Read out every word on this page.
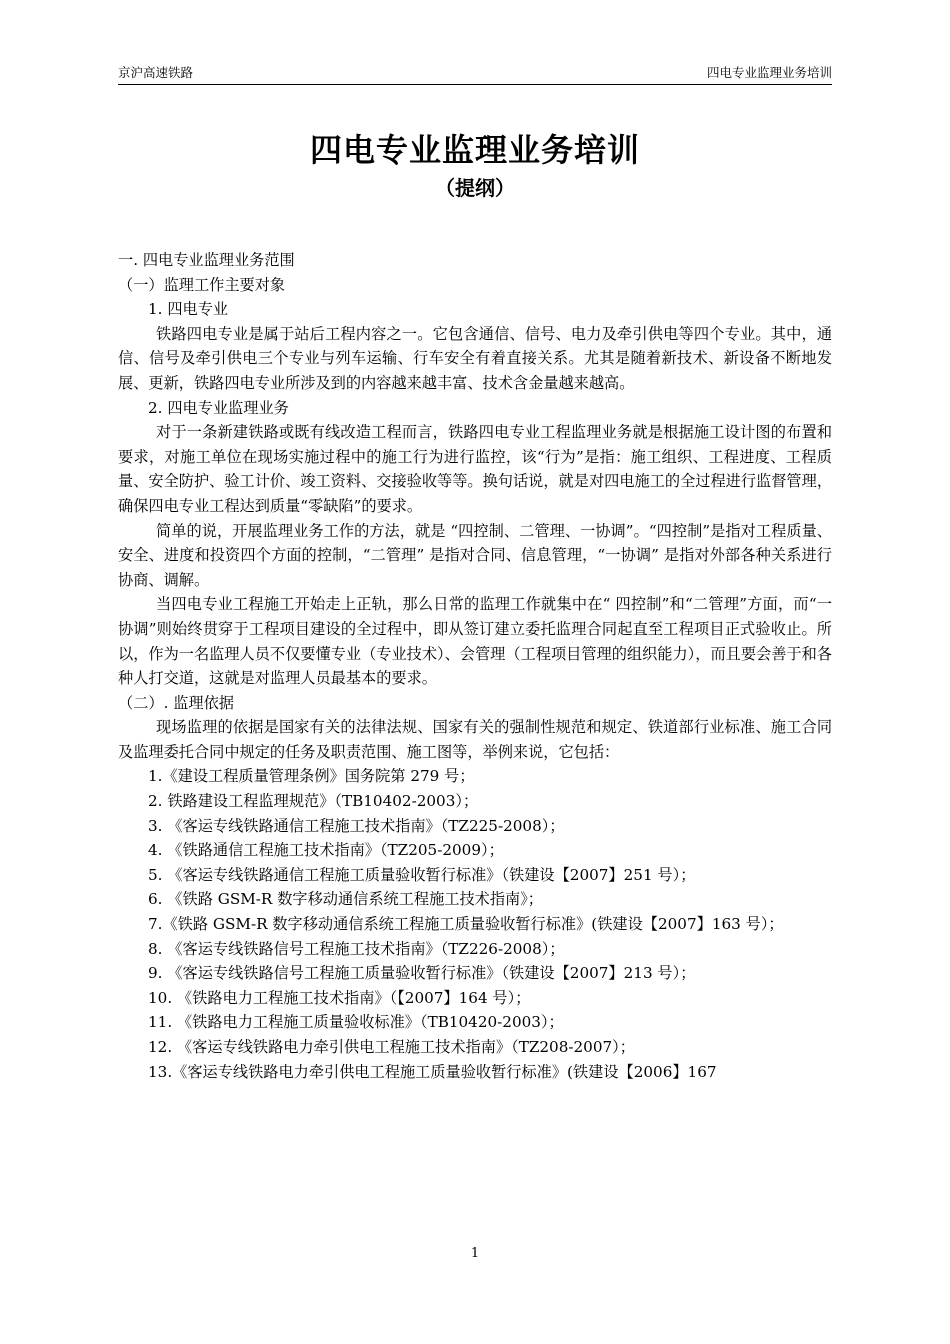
京沪高速铁路	四电专业监理业务培训
四电专业监理业务培训
（提纲）

一. 四电专业监理业务范围

（一）监理工作主要对象

1. 四电专业

铁路四电专业是属于站后工程内容之一。它包含通信、信号、电力及牵引供电等四个专业。其中，通信、信号及牵引供电三个专业与列车运输、行车安全有着直接关系。尤其是随着新技术、新设备不断地发展、更新，铁路四电专业所涉及到的内容越来越丰富、技术含金量越来越高。

2. 四电专业监理业务

对于一条新建铁路或既有线改造工程而言，铁路四电专业工程监理业务就是根据施工设计图的布置和要求，对施工单位在现场实施过程中的施工行为进行监控，该“行为”是指：施工组织、工程进度、工程质量、安全防护、验工计价、竣工资料、交接验收等等。换句话说，就是对四电施工的全过程进行监督管理，确保四电专业工程达到质量“零缺陷”的要求。

简单的说，开展监理业务工作的方法，就是 “四控制、二管理、一协调”。“四控制”是指对工程质量、安全、进度和投资四个方面的控制，“二管理” 是指对合同、信息管理，“一协调” 是指对外部各种关系进行协商、调解。

当四电专业工程施工开始走上正轨，那么日常的监理工作就集中在“ 四控制”和“二管理”方面，而“一协调”则始终贯穿于工程项目建设的全过程中，即从签订建立委托监理合同起直至工程项目正式验收止。所以，作为一名监理人员不仅要懂专业（专业技术）、会管理（工程项目管理的组织能力），而且要会善于和各种人打交道，这就是对监理人员最基本的要求。

（二）. 监理依据

现场监理的依据是国家有关的法律法规、国家有关的强制性规范和规定、铁道部行业标准、施工合同及监理委托合同中规定的任务及职责范围、施工图等，举例来说，它包括：

1.《建设工程质量管理条例》国务院第 279 号；

2. 铁路建设工程监理规范》（TB10402-2003）；

3. 《客运专线铁路通信工程施工技术指南》（TZ225-2008）；

4. 《铁路通信工程施工技术指南》（TZ205-2009）；

5. 《客运专线铁路通信工程施工质量验收暂行标准》（铁建设【2007】251 号）；

6. 《铁路 GSM-R 数字移动通信系统工程施工技术指南》；

7.《铁路 GSM-R 数字移动通信系统工程施工质量验收暂行标准》(铁建设【2007】163 号）；

8. 《客运专线铁路信号工程施工技术指南》（TZ226-2008）；

9. 《客运专线铁路信号工程施工质量验收暂行标准》（铁建设【2007】213 号）；

10. 《铁路电力工程施工技术指南》（【2007】164 号）；

11. 《铁路电力工程施工质量验收标准》（TB10420-2003）；

12. 《客运专线铁路电力牵引供电工程施工技术指南》（TZ208-2007）；

13.《客运专线铁路电力牵引供电工程施工质量验收暂行标准》(铁建设【2006】167

1
